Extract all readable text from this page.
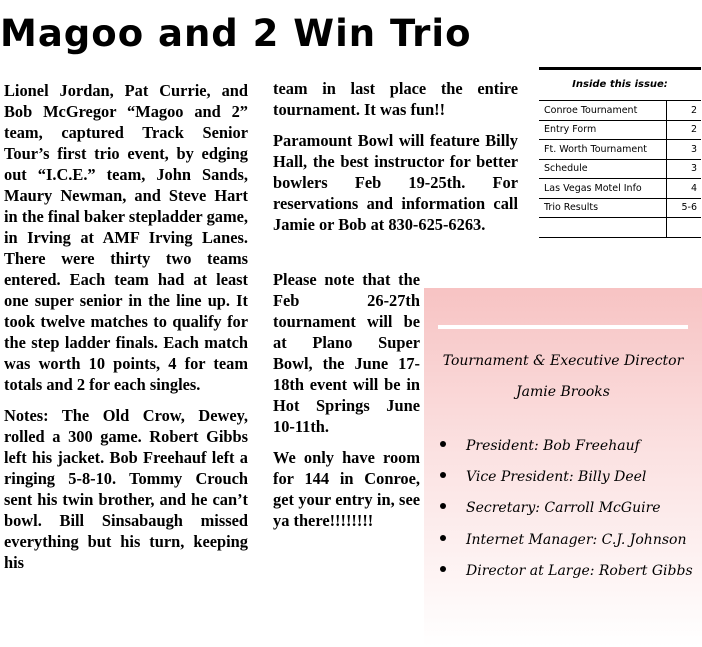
Magoo and 2 Win Trio

Lionel Jordan, Pat Currie, and Bob McGregor “Magoo and 2” team, captured Track Senior Tour’s first trio event, by edging out “I.C.E.” team, John Sands, Maury Newman, and Steve Hart in the final baker stepladder game, in Irving at AMF Irving Lanes. There were thirty two teams entered. Each team had at least one super senior in the line up. It took twelve matches to qualify for the step ladder finals. Each match was worth 10 points, 4 for team totals and 2 for each singles.

Notes: The Old Crow, Dewey, rolled a 300 game. Robert Gibbs left his jacket. Bob Freehauf left a ringing 5-8-10. Tommy Crouch sent his twin brother, and he can’t bowl. Bill Sinsabaugh missed everything but his turn, keeping his

team in last place the entire tournament. It was fun!!

Paramount Bowl will feature Billy Hall, the best instructor for better bowlers Feb 19-25th. For reservations and information call Jamie or Bob at 830-625-6263.

Please note that the Feb 26-27th tournament will be at Plano Super Bowl, the June 17-18th event will be in Hot Springs June 10-11th.

We only have room for 144 in Conroe, get your entry in, see ya there!!!!!!!!

Inside this issue:
Conroe Tournament	2
Entry Form	2
Ft. Worth Tournament	3
Schedule	3
Las Vegas Motel Info	4
Trio Results	5-6

Tournament & Executive Director
Jamie Brooks
President: Bob Freehauf
Vice President: Billy Deel
Secretary: Carroll McGuire
Internet Manager: C.J. Johnson
Director at Large: Robert Gibbs
